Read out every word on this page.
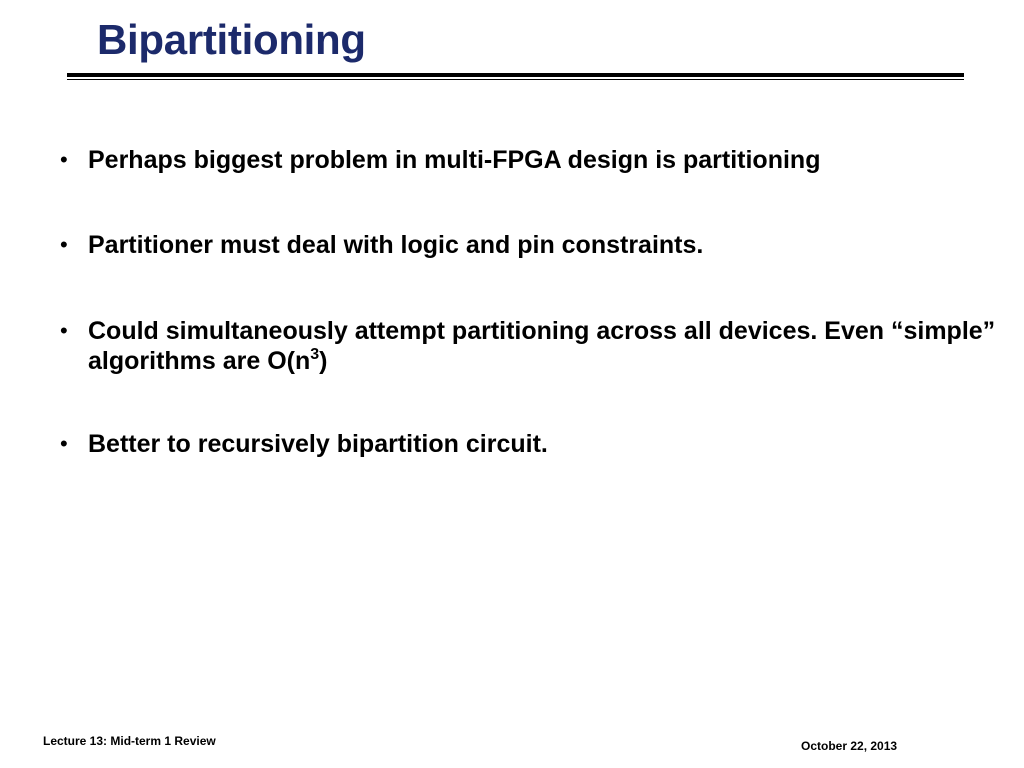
Bipartitioning
• Perhaps biggest problem in multi-FPGA design is partitioning
• Partitioner must deal with logic and pin constraints.
• Could simultaneously attempt partitioning across all devices. Even “simple” algorithms are $O(n^3)$
• Better to recursively bipartition circuit.
Lecture 13: Mid-term 1 Review	October 22, 2013
